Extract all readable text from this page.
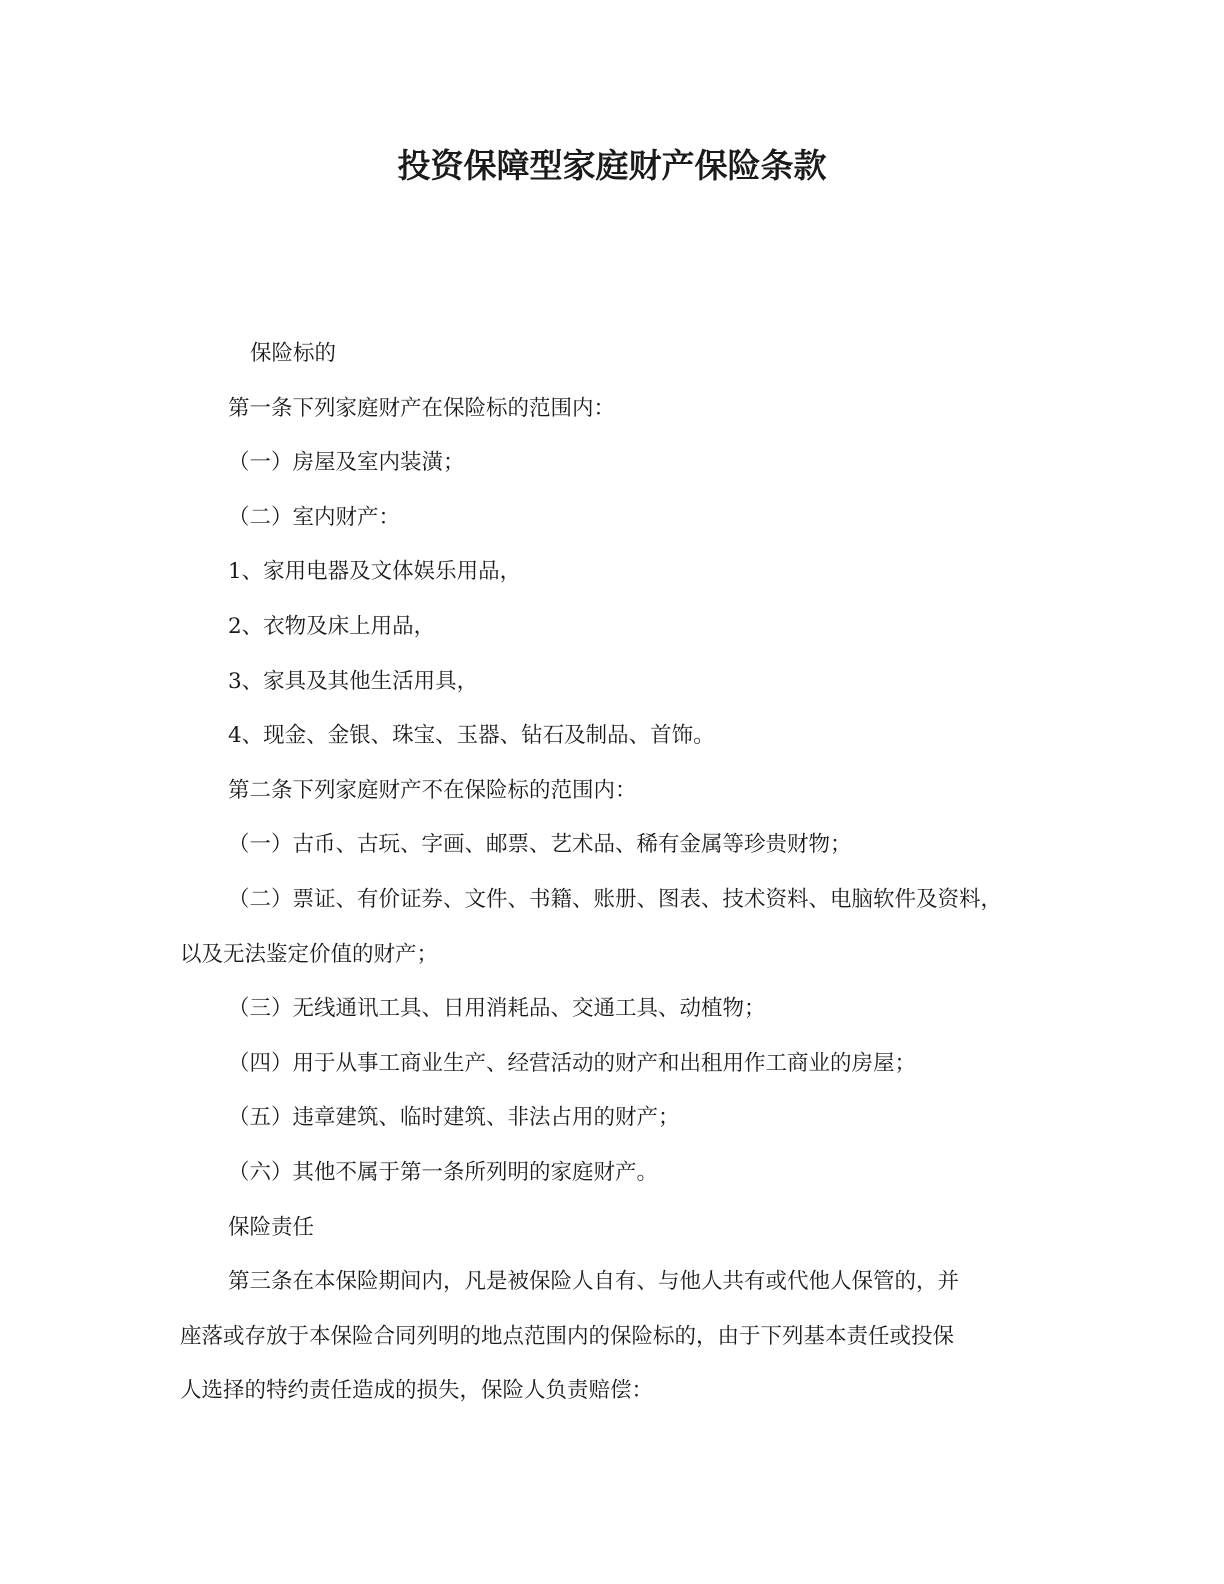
投资保障型家庭财产保险条款

保险标的

第一条下列家庭财产在保险标的范围内：

（一）房屋及室内装潢；

（二）室内财产：

1、家用电器及文体娱乐用品，

2、衣物及床上用品，

3、家具及其他生活用具，

4、现金、金银、珠宝、玉器、钻石及制品、首饰。

第二条下列家庭财产不在保险标的范围内：

（一）古币、古玩、字画、邮票、艺术品、稀有金属等珍贵财物；

（二）票证、有价证券、文件、书籍、账册、图表、技术资料、电脑软件及资料，

以及无法鉴定价值的财产；

（三）无线通讯工具、日用消耗品、交通工具、动植物；

（四）用于从事工商业生产、经营活动的财产和出租用作工商业的房屋；

（五）违章建筑、临时建筑、非法占用的财产；

（六）其他不属于第一条所列明的家庭财产。

保险责任

第三条在本保险期间内，凡是被保险人自有、与他人共有或代他人保管的，并

座落或存放于本保险合同列明的地点范围内的保险标的，由于下列基本责任或投保

人选择的特约责任造成的损失，保险人负责赔偿：
